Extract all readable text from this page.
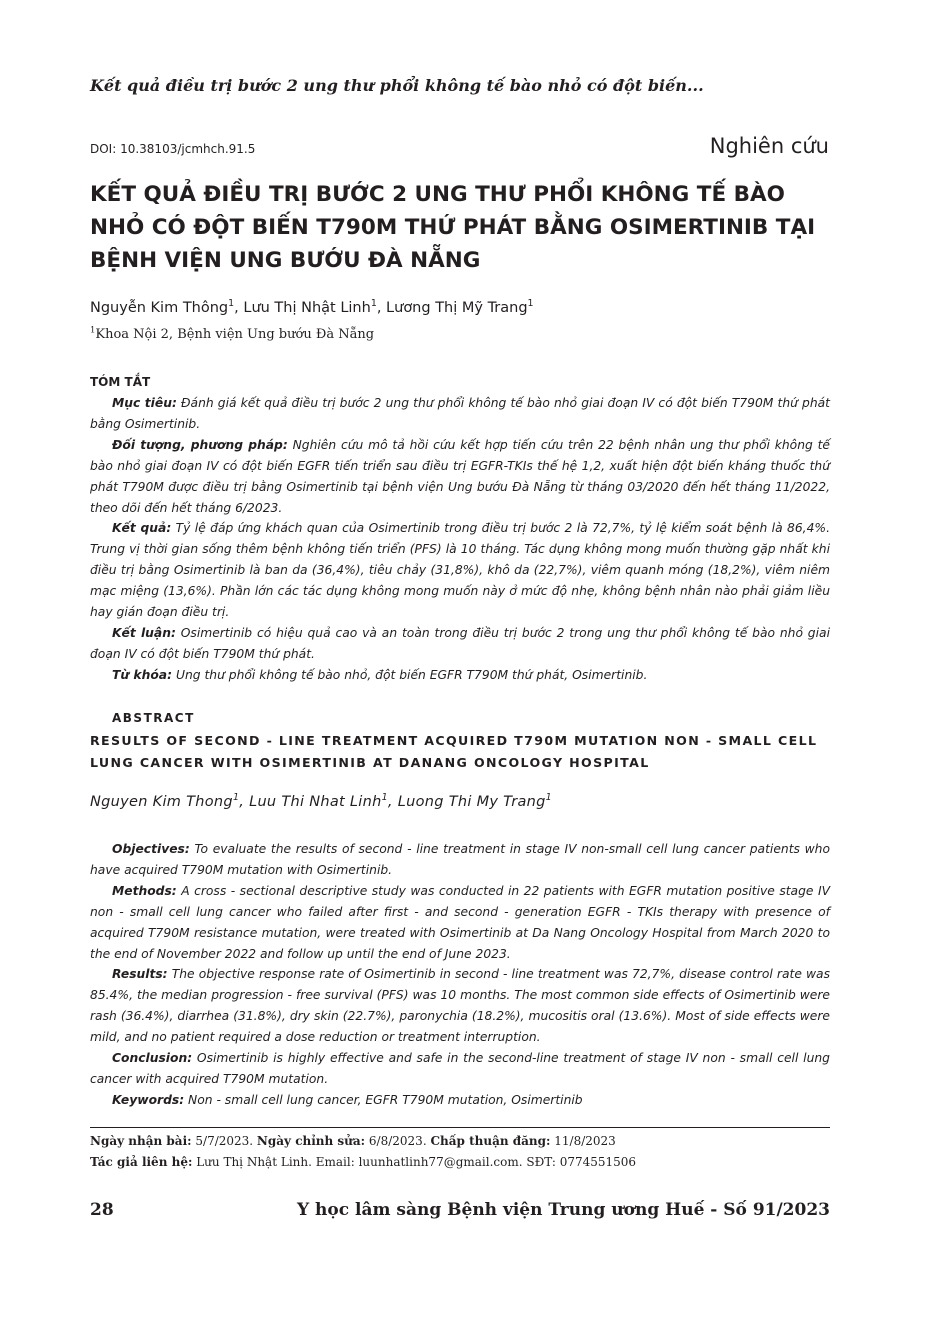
Kết quả điều trị bước 2 ung thư phổi không tế bào nhỏ có đột biến...
DOI: 10.38103/jcmhch.91.5	Nghiên cứu
KẾT QUẢ ĐIỀU TRỊ BƯỚC 2 UNG THƯ PHỔI KHÔNG TẾ BÀO NHỎ CÓ ĐỘT BIẾN T790M THỨ PHÁT BẰNG OSIMERTINIB TẠI BỆNH VIỆN UNG BƯỚU ĐÀ NẴNG
Nguyễn Kim Thông$^1$, Lưu Thị Nhật Linh$^1$, Lương Thị Mỹ Trang$^1$
$^1$Khoa Nội 2, Bệnh viện Ung bướu Đà Nẵng
TÓM TẮT

Mục tiêu: Đánh giá kết quả điều trị bước 2 ung thư phổi không tế bào nhỏ giai đoạn IV có đột biến T790M thứ phát bằng Osimertinib.

Đối tượng, phương pháp: Nghiên cứu mô tả hồi cứu kết hợp tiến cứu trên 22 bệnh nhân ung thư phổi không tế bào nhỏ giai đoạn IV có đột biến EGFR tiến triển sau điều trị EGFR-TKIs thế hệ 1,2, xuất hiện đột biến kháng thuốc thứ phát T790M được điều trị bằng Osimertinib tại bệnh viện Ung bướu Đà Nẵng từ tháng 03/2020 đến hết tháng 11/2022, theo dõi đến hết tháng 6/2023.

Kết quả: Tỷ lệ đáp ứng khách quan của Osimertinib trong điều trị bước 2 là 72,7%, tỷ lệ kiểm soát bệnh là 86,4%. Trung vị thời gian sống thêm bệnh không tiến triển (PFS) là 10 tháng. Tác dụng không mong muốn thường gặp nhất khi điều trị bằng Osimertinib là ban da (36,4%), tiêu chảy (31,8%), khô da (22,7%), viêm quanh móng (18,2%), viêm niêm mạc miệng (13,6%). Phần lớn các tác dụng không mong muốn này ở mức độ nhẹ, không bệnh nhân nào phải giảm liều hay gián đoạn điều trị.

Kết luận: Osimertinib có hiệu quả cao và an toàn trong điều trị bước 2 trong ung thư phổi không tế bào nhỏ giai đoạn IV có đột biến T790M thứ phát.

Từ khóa: Ung thư phổi không tế bào nhỏ, đột biến EGFR T790M thứ phát, Osimertinib.

ABSTRACT
RESULTS OF SECOND - LINE TREATMENT ACQUIRED T790M MUTATION NON - SMALL CELL LUNG CANCER WITH OSIMERTINIB AT DANANG ONCOLOGY HOSPITAL
Nguyen Kim Thong$^1$, Luu Thi Nhat Linh$^1$, Luong Thi My Trang$^1$

Objectives: To evaluate the results of second - line treatment in stage IV non-small cell lung cancer patients who have acquired T790M mutation with Osimertinib.

Methods: A cross - sectional descriptive study was conducted in 22 patients with EGFR mutation positive stage IV non - small cell lung cancer who failed after first - and second - generation EGFR - TKIs therapy with presence of acquired T790M resistance mutation, were treated with Osimertinib at Da Nang Oncology Hospital from March 2020 to the end of November 2022 and follow up until the end of June 2023.

Results: The objective response rate of Osimertinib in second - line treatment was 72,7%, disease control rate was 85.4%, the median progression - free survival (PFS) was 10 months. The most common side effects of Osimertinib were rash (36.4%), diarrhea (31.8%), dry skin (22.7%), paronychia (18.2%), mucositis oral (13.6%). Most of side effects were mild, and no patient required a dose reduction or treatment interruption.

Conclusion: Osimertinib is highly effective and safe in the second-line treatment of stage IV non - small cell lung cancer with acquired T790M mutation.

Keywords: Non - small cell lung cancer, EGFR T790M mutation, Osimertinib

Ngày nhận bài: 5/7/2023. Ngày chỉnh sửa: 6/8/2023. Chấp thuận đăng: 11/8/2023
Tác giả liên hệ: Lưu Thị Nhật Linh. Email: luunhatlinh77@gmail.com. SĐT: 0774551506
28	Y học lâm sàng Bệnh viện Trung ương Huế - Số 91/2023
